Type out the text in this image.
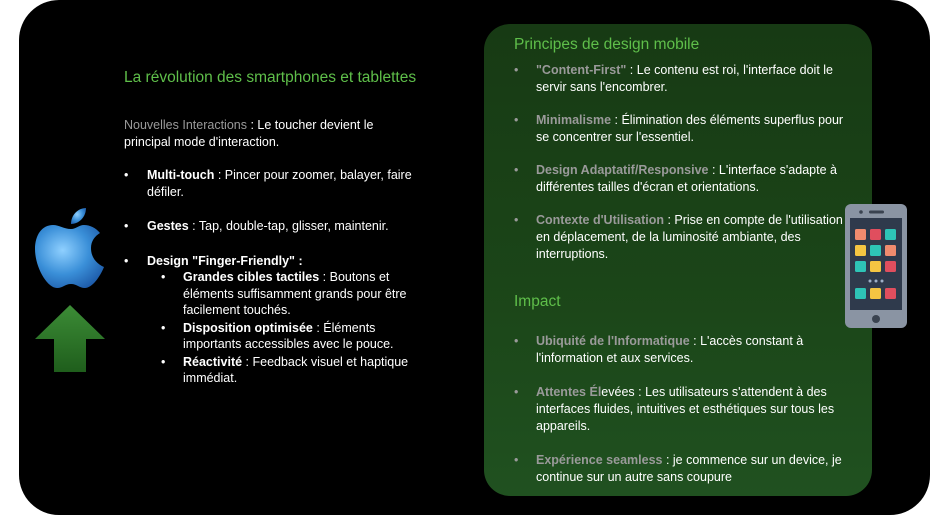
La révolution des smartphones et tablettes
Nouvelles Interactions : Le toucher devient le principal mode d'interaction.
• Multi-touch : Pincer pour zoomer, balayer, faire défiler.
• Gestes : Tap, double-tap, glisser, maintenir.
• Design "Finger-Friendly" :
• Grandes cibles tactiles : Boutons et éléments suffisamment grands pour être facilement touchés.
• Disposition optimisée : Éléments importants accessibles avec le pouce.
• Réactivité : Feedback visuel et haptique immédiat.
Principes de design mobile
• "Content-First" : Le contenu est roi, l'interface doit le servir sans l'encombrer.
• Minimalisme : Élimination des éléments superflus pour se concentrer sur l'essentiel.
• Design Adaptatif/Responsive : L'interface s'adapte à différentes tailles d'écran et orientations.
• Contexte d'Utilisation : Prise en compte de l'utilisation en déplacement, de la luminosité ambiante, des interruptions.
Impact
• Ubiquité de l'Informatique : L'accès constant à l'information et aux services.
• Attentes Élevées : Les utilisateurs s'attendent à des interfaces fluides, intuitives et esthétiques sur tous les appareils.
• Expérience seamless : je commence sur un device, je continue sur un autre sans coupure
